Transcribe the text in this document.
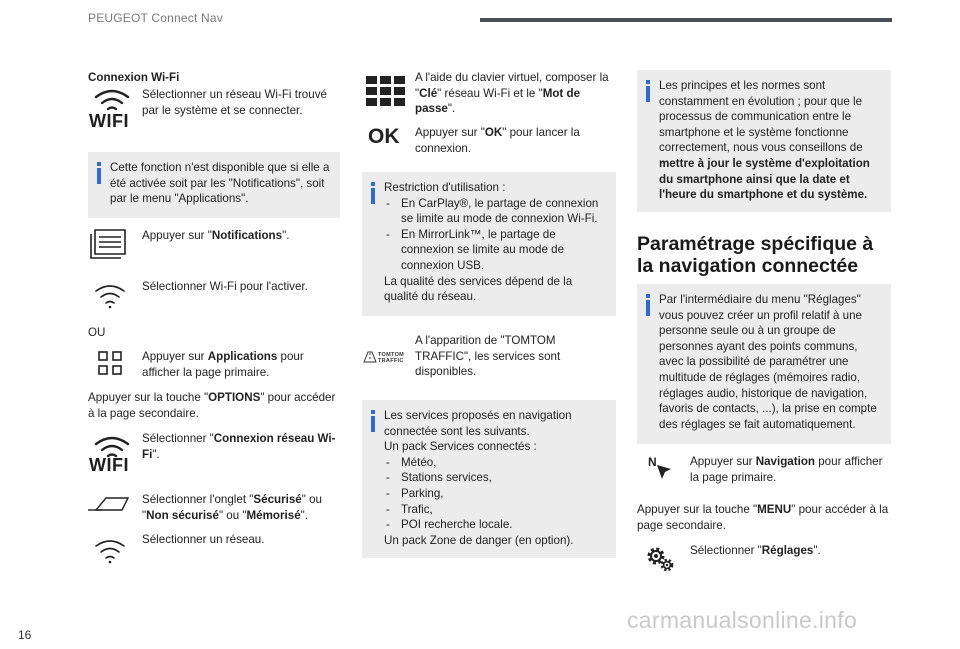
PEUGEOT Connect Nav
Connexion Wi-Fi
WIFI
Sélectionner un réseau Wi-Fi trouvé par le système et se connecter.
Cette fonction n'est disponible que si elle a été activée soit par les "Notifications", soit par le menu "Applications".
Appuyer sur "Notifications".
Sélectionner Wi-Fi pour l'activer.
OU
Appuyer sur Applications pour afficher la page primaire.
Appuyer sur la touche "OPTIONS" pour accéder à la page secondaire.
WIFI
Sélectionner "Connexion réseau Wi-Fi".
Sélectionner l'onglet "Sécurisé" ou "Non sécurisé" ou "Mémorisé".
Sélectionner un réseau.
A l'aide du clavier virtuel, composer la "Clé" réseau Wi-Fi et le "Mot de passe".
OK Appuyer sur "OK" pour lancer la connexion.
Restriction d'utilisation :
- En CarPlay®, le partage de connexion se limite au mode de connexion Wi-Fi.
- En MirrorLink™, le partage de connexion se limite au mode de connexion USB.
La qualité des services dépend de la qualité du réseau.
TOMTOM
TRAFFIC
A l'apparition de "TOMTOM TRAFFIC", les services sont disponibles.
Les services proposés en navigation connectée sont les suivants.
Un pack Services connectés :
- Météo,
- Stations services,
- Parking,
- Trafic,
- POI recherche locale.
Un pack Zone de danger (en option).
Les principes et les normes sont constamment en évolution ; pour que le processus de communication entre le smartphone et le système fonctionne correctement, nous vous conseillons de mettre à jour le système d'exploitation du smartphone ainsi que la date et l'heure du smartphone et du système.
Paramétrage spécifique à la navigation connectée
Par l'intermédiaire du menu "Réglages" vous pouvez créer un profil relatif à une personne seule ou à un groupe de personnes ayant des points communs, avec la possibilité de paramétrer une multitude de réglages (mémoires radio, réglages audio, historique de navigation, favoris de contacts, ...), la prise en compte des réglages se fait automatiquement.
N	Appuyer sur Navigation pour afficher la page primaire.
Appuyer sur la touche "MENU" pour accéder à la page secondaire.
Sélectionner "Réglages".
16
carmanualsonline.info
